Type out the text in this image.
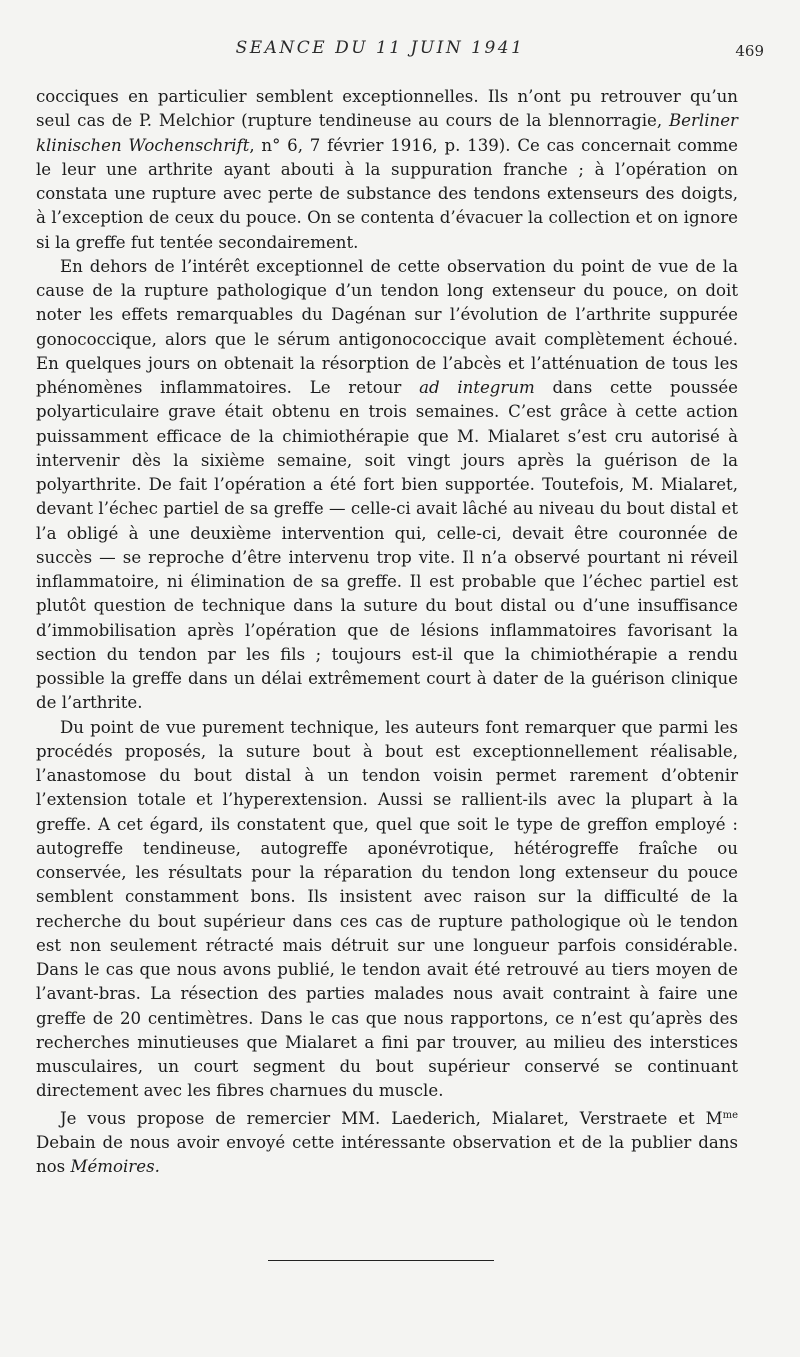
SEANCE DU 11 JUIN 1941	469

cocciques en particulier semblent exceptionnelles. Ils n’ont pu retrouver qu’un seul cas de P. Melchior (rupture tendineuse au cours de la blennorragie, Berliner klinischen Wochenschrift, n° 6, 7 février 1916, p. 139). Ce cas concernait comme le leur une arthrite ayant abouti à la suppuration franche ; à l’opération on constata une rupture avec perte de substance des tendons extenseurs des doigts, à l’exception de ceux du pouce. On se contenta d’évacuer la collection et on ignore si la greffe fut tentée secondairement.

En dehors de l’intérêt exceptionnel de cette observation du point de vue de la cause de la rupture pathologique d’un tendon long extenseur du pouce, on doit noter les effets remarquables du Dagénan sur l’évolution de l’arthrite suppurée gonococcique, alors que le sérum antigonococcique avait complètement échoué. En quelques jours on obtenait la résorption de l’abcès et l’atténuation de tous les phénomènes inflammatoires. Le retour ad integrum dans cette poussée polyarticulaire grave était obtenu en trois semaines. C’est grâce à cette action puissamment efficace de la chimiothérapie que M. Mialaret s’est cru autorisé à intervenir dès la sixième semaine, soit vingt jours après la guérison de la polyarthrite. De fait l’opération a été fort bien supportée. Toutefois, M. Mialaret, devant l’échec partiel de sa greffe — celle-ci avait lâché au niveau du bout distal et l’a obligé à une deuxième intervention qui, celle-ci, devait être couronnée de succès — se reproche d’être intervenu trop vite. Il n’a observé pourtant ni réveil inflammatoire, ni élimination de sa greffe. Il est probable que l’échec partiel est plutôt question de technique dans la suture du bout distal ou d’une insuffisance d’immobilisation après l’opération que de lésions inflammatoires favorisant la section du tendon par les fils ; toujours est-il que la chimiothérapie a rendu possible la greffe dans un délai extrêmement court à dater de la guérison clinique de l’arthrite.

Du point de vue purement technique, les auteurs font remarquer que parmi les procédés proposés, la suture bout à bout est exceptionnellement réalisable, l’anastomose du bout distal à un tendon voisin permet rarement d’obtenir l’extension totale et l’hyperextension. Aussi se rallient-ils avec la plupart à la greffe. A cet égard, ils constatent que, quel que soit le type de greffon employé : autogreffe tendineuse, autogreffe aponévrotique, hétérogreffe fraîche ou conservée, les résultats pour la réparation du tendon long extenseur du pouce semblent constamment bons. Ils insistent avec raison sur la difficulté de la recherche du bout supérieur dans ces cas de rupture pathologique où le tendon est non seulement rétracté mais détruit sur une longueur parfois considérable. Dans le cas que nous avons publié, le tendon avait été retrouvé au tiers moyen de l’avant-bras. La résection des parties malades nous avait contraint à faire une greffe de 20 centimètres. Dans le cas que nous rapportons, ce n’est qu’après des recherches minutieuses que Mialaret a fini par trouver, au milieu des interstices musculaires, un court segment du bout supérieur conservé se continuant directement avec les fibres charnues du muscle.

Je vous propose de remercier MM. Laederich, Mialaret, Verstraete et $M^{me}$ Debain de nous avoir envoyé cette intéressante observation et de la publier dans nos Mémoires.
